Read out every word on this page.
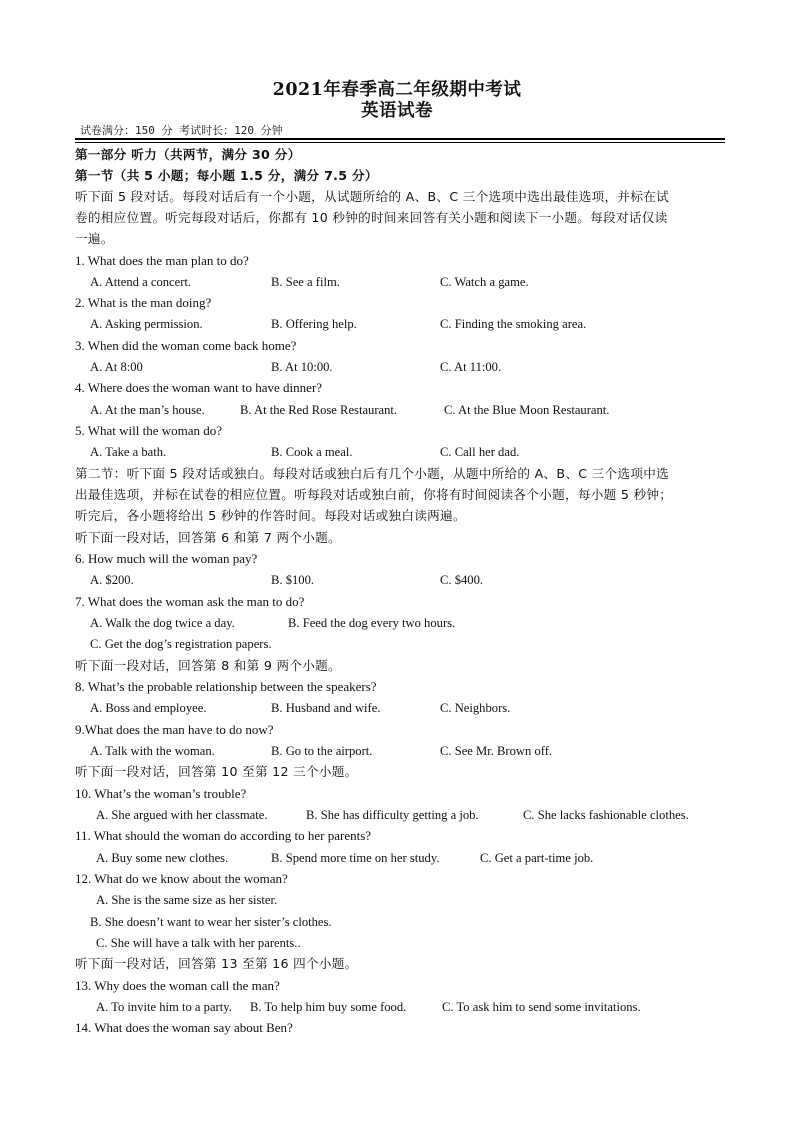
2021年春季高二年级期中考试
英语试卷
试卷满分：150 分 考试时长：120 分钟
第一部分 听力（共两节，满分 30 分）
第一节（共 5 小题；每小题 1.5 分，满分 7.5 分）
听下面 5 段对话。每段对话后有一个小题，从试题所给的 A、B、C 三个选项中选出最佳选项，并标在试
卷的相应位置。听完每段对话后，你都有 10 秒钟的时间来回答有关小题和阅读下一小题。每段对话仅读
一遍。
1. What does the man plan to do?
A. Attend a concert.	B. See a film.	C. Watch a game.
2. What is the man doing?
A. Asking permission.	B. Offering help.	C. Finding the smoking area.
3. When did the woman come back home?
A. At 8:00	B. At 10:00.	C. At 11:00.
4. Where does the woman want to have dinner?
A. At the man’s house.	B. At the Red Rose Restaurant.	C. At the Blue Moon Restaurant.
5. What will the woman do?
A. Take a bath.	B. Cook a meal.	C. Call her dad.
第二节：听下面 5 段对话或独白。每段对话或独白后有几个小题，从题中所给的 A、B、C 三个选项中选
出最佳选项，并标在试卷的相应位置。听每段对话或独白前，你将有时间阅读各个小题，每小题 5 秒钟；
听完后，各小题将给出 5 秒钟的作答时间。每段对话或独白读两遍。
听下面一段对话，回答第 6 和第 7 两个小题。
6. How much will the woman pay?
A. $200.	B. $100.	C. $400.
7. What does the woman ask the man to do?
A. Walk the dog twice a day.	B. Feed the dog every two hours.
C. Get the dog’s registration papers.
听下面一段对话，回答第 8 和第 9 两个小题。
8. What’s the probable relationship between the speakers?
A. Boss and employee.	B. Husband and wife.	C. Neighbors.
9.What does the man have to do now?
A. Talk with the woman.	B. Go to the airport.	C. See Mr. Brown off.
听下面一段对话，回答第 10 至第 12 三个小题。
10. What’s the woman’s trouble?
A. She argued with her classmate.	B. She has difficulty getting a job.	C. She lacks fashionable clothes.
11. What should the woman do according to her parents?
A. Buy some new clothes.	B. Spend more time on her study.	C. Get a part-time job.
12. What do we know about the woman?
A. She is the same size as her sister.
B. She doesn’t want to wear her sister’s clothes.
C. She will have a talk with her parents..
听下面一段对话，回答第 13 至第 16 四个小题。
13. Why does the woman call the man?
A. To invite him to a party. B. To help him buy some food.	C. To ask him to send some invitations.
14. What does the woman say about Ben?
